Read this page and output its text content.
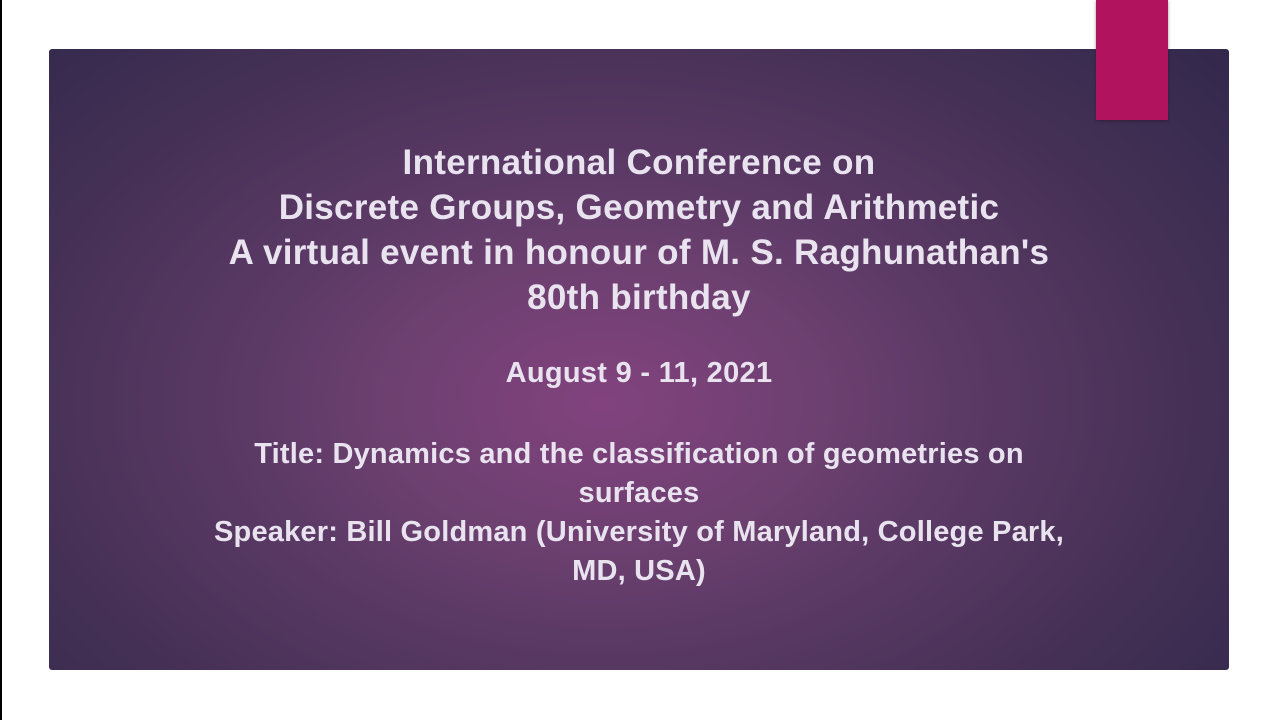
International Conference on
Discrete Groups, Geometry and Arithmetic
A virtual event in honour of M. S. Raghunathan's
80th birthday
August 9 - 11, 2021
Title: Dynamics and the classification of geometries on surfaces
Speaker: Bill Goldman (University of Maryland, College Park, MD, USA)
